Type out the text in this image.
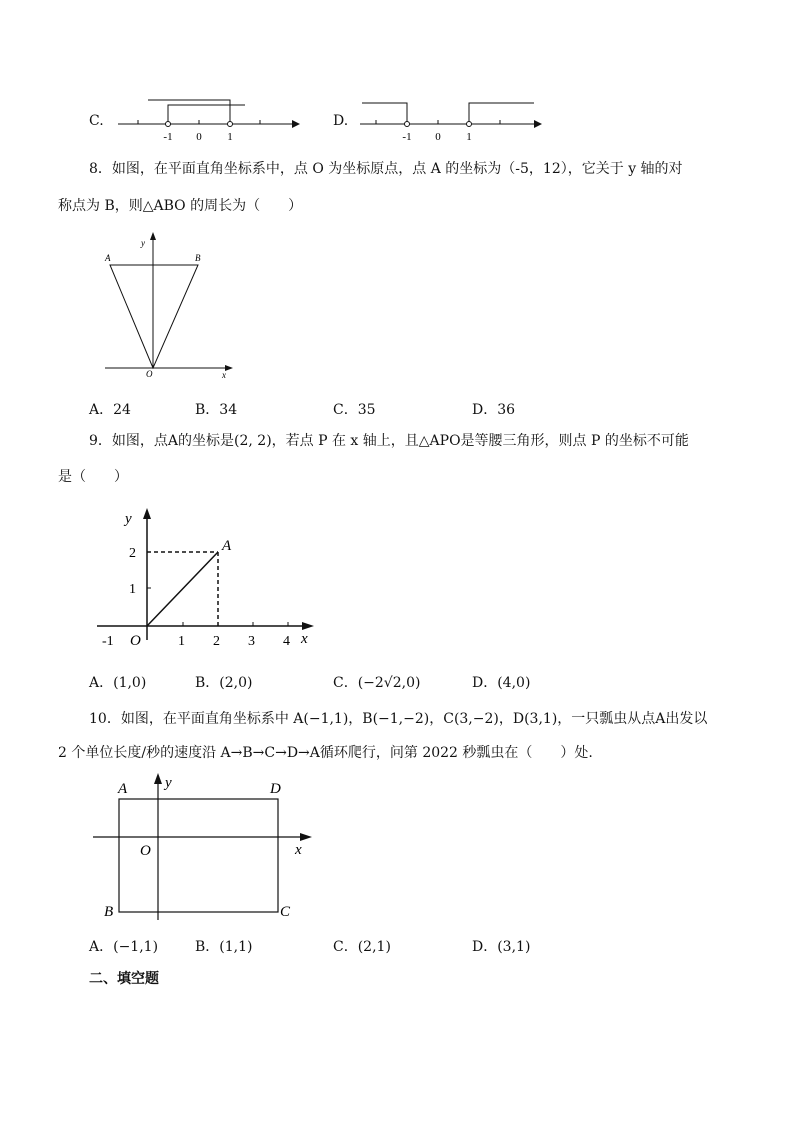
C.
-1 0 1
D.
-1 0 1
8．如图，在平面直角坐标系中，点 O 为坐标原点，点 A 的坐标为（-5，12），它关于 y 轴的对
称点为 B，则△ABO 的周长为（　　）
y
A	B
O	x
A．24	B．34	C．35	D．36
9．如图，点A的坐标是(2, 2)，若点 P 在 x 轴上，且△APO是等腰三角形，则点 P 的坐标不可能
是（　　）
y
A
2
1
O
-1	1 2 3 4 x
A．(1,0)	B．(2,0)	C．(−2√2,0)	D．(4,0)
10．如图，在平面直角坐标系中 A(−1,1)，B(−1,−2)，C(3,−2)，D(3,1)，一只瓢虫从点A出发以
2 个单位长度/秒的速度沿 A→B→C→D→A循环爬行，问第 2022 秒瓢虫在（　　）处.
y
A	D
O	x
B	C
A．(−1,1)	B．(1,1)	C．(2,1)	D．(3,1)
二、填空题
